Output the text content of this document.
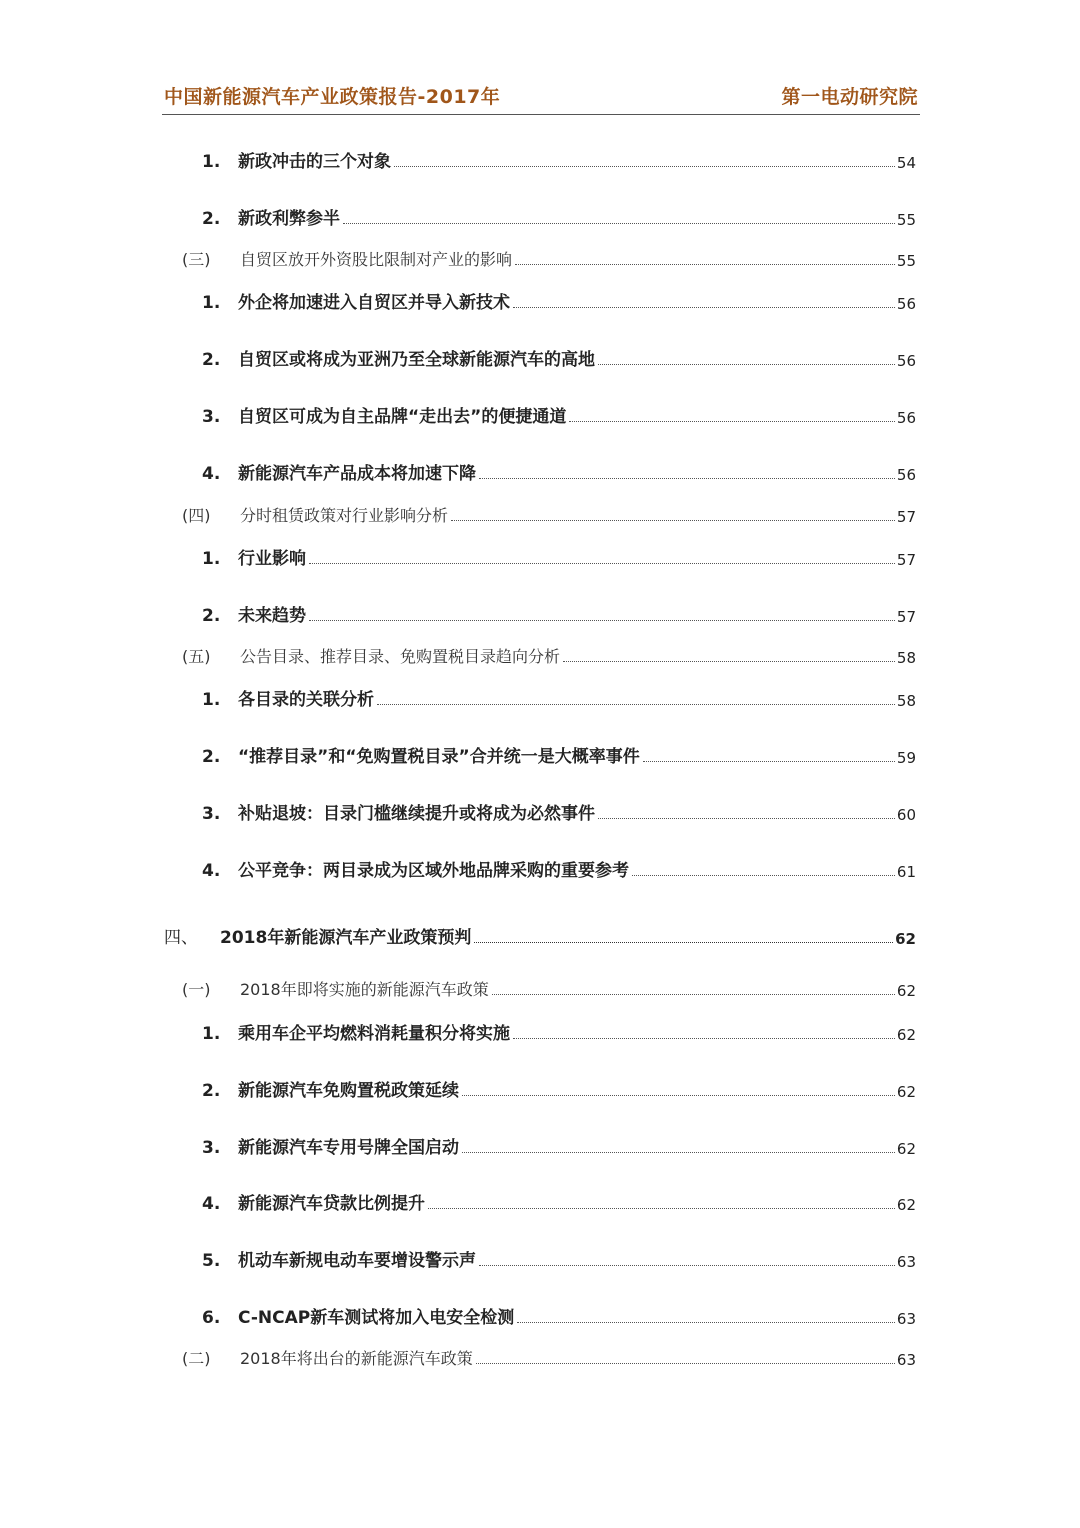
中国新能源汽车产业政策报告-2017年	第一电动研究院
1. 新政冲击的三个对象	54
2. 新政利弊参半	55
(三) 自贸区放开外资股比限制对产业的影响	55
1. 外企将加速进入自贸区并导入新技术	56
2. 自贸区或将成为亚洲乃至全球新能源汽车的高地	56
3. 自贸区可成为自主品牌“走出去”的便捷通道	56
4. 新能源汽车产品成本将加速下降	56
(四) 分时租赁政策对行业影响分析	57
1. 行业影响	57
2. 未来趋势	57
(五) 公告目录、推荐目录、免购置税目录趋向分析	58
1. 各目录的关联分析	58
2. “推荐目录”和“免购置税目录”合并统一是大概率事件	59
3. 补贴退坡：目录门槛继续提升或将成为必然事件	60
4. 公平竞争：两目录成为区域外地品牌采购的重要参考	61
四、 2018年新能源汽车产业政策预判	62
(一) 2018年即将实施的新能源汽车政策	62
1. 乘用车企平均燃料消耗量积分将实施	62
2. 新能源汽车免购置税政策延续	62
3. 新能源汽车专用号牌全国启动	62
4. 新能源汽车贷款比例提升	62
5. 机动车新规电动车要增设警示声	63
6. C-NCAP新车测试将加入电安全检测	63
(二) 2018年将出台的新能源汽车政策	63
